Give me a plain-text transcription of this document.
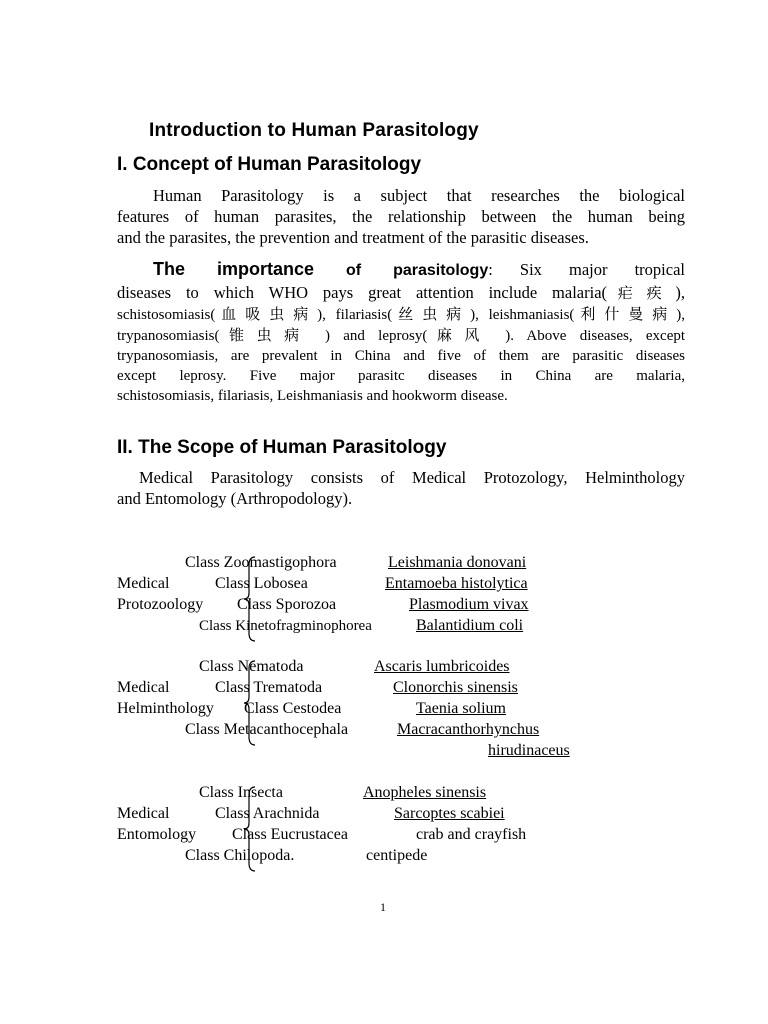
Introduction to Human Parasitology
I. Concept of Human Parasitology

Human Parasitology is a subject that researches the biological

features of human parasites, the relationship between the human being

and the parasites, the prevention and treatment of the parasitic diseases.

The importance of parasitology: Six major tropical

diseases to which WHO pays great attention include malaria(疟疾),

schistosomiasis(血吸虫病), filariasis(丝虫病), leishmaniasis(利什曼病),

trypanosomiasis(锥虫病 ) and leprosy(麻风 ). Above diseases, except

trypanosomiasis, are prevalent in China and five of them are parasitic diseases

except leprosy. Five major parasitc diseases in China are malaria,

schistosomiasis, filariasis, Leishmaniasis and hookworm disease.

II. The Scope of Human Parasitology

Medical Parasitology consists of Medical Protozology, Helminthology

and Entomology (Arthropodology).

Medical
Protozoology
Class Zoomastigophora
Class Lobosea
Class Sporozoa
Class Kinetofragminophorea
Leishmania donovani
Entamoeba histolytica
Plasmodium vivax
Balantidium coli
Medical
Helminthology
Class Nematoda
Class Trematoda
Class Cestodea
Class Metacanthocephala
Ascaris lumbricoides
Clonorchis sinensis
Taenia solium
Macracanthorhynchus
hirudinaceus
Medical
Entomology
Class Insecta
Class Arachnida
Class Eucrustacea
Class Chilopoda.
Anopheles sinensis
Sarcoptes scabiei
crab and crayfish
centipede
1
